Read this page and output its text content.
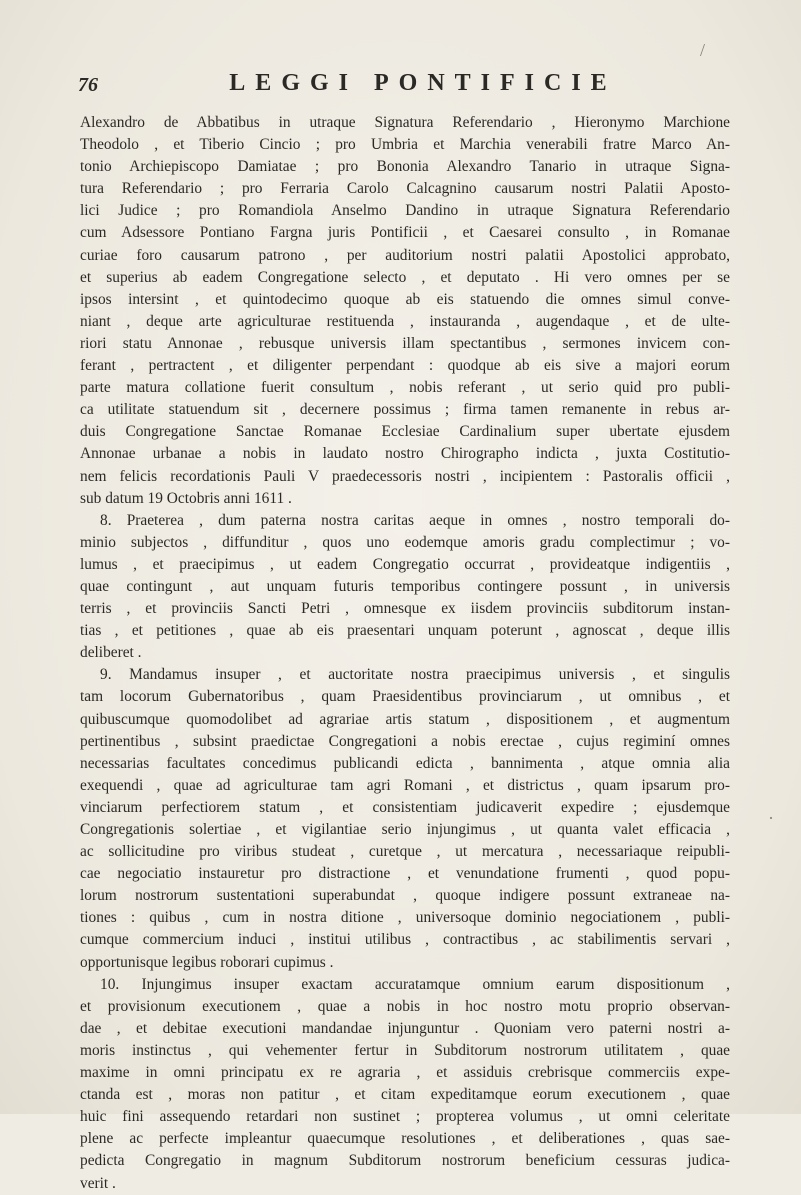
76	LEGGI PONTIFICIE
/
·
Alexandro de Abbatibus in utraque Signatura Referendario , Hieronymo Marchione
Theodolo , et Tiberio Cincio ; pro Umbria et Marchia venerabili fratre Marco An-
tonio Archiepiscopo Damiatae ; pro Bononia Alexandro Tanario in utraque Signa-
tura Referendario ; pro Ferraria Carolo Calcagnino causarum nostri Palatii Aposto-
lici Judice ; pro Romandiola Anselmo Dandino in utraque Signatura Referendario
cum Adsessore Pontiano Fargna juris Pontificii , et Caesarei consulto , in Romanae
curiae foro causarum patrono , per auditorium nostri palatii Apostolici approbato,
et superius ab eadem Congregatione selecto , et deputato . Hi vero omnes per se
ipsos intersint , et quintodecimo quoque ab eis statuendo die omnes simul conve-
niant , deque arte agriculturae restituenda , instauranda , augendaque , et de ulte-
riori statu Annonae , rebusque universis illam spectantibus , sermones invicem con-
ferant , pertractent , et diligenter perpendant : quodque ab eis sive a majori eorum
parte matura collatione fuerit consultum , nobis referant , ut serio quid pro publi-
ca utilitate statuendum sit , decernere possimus ; firma tamen remanente in rebus ar-
duis Congregatione Sanctae Romanae Ecclesiae Cardinalium super ubertate ejusdem
Annonae urbanae a nobis in laudato nostro Chirographo indicta , juxta Costitutio-
nem felicis recordationis Pauli V praedecessoris nostri , incipientem : Pastoralis officii ,
sub datum 19 Octobris anni 1611 .
8. Praeterea , dum paterna nostra caritas aeque in omnes , nostro temporali do-
minio subjectos , diffunditur , quos uno eodemque amoris gradu complectimur ; vo-
lumus , et praecipimus , ut eadem Congregatio occurrat , provideatque indigentiis ,
quae contingunt , aut unquam futuris temporibus contingere possunt , in universis
terris , et provinciis Sancti Petri , omnesque ex iisdem provinciis subditorum instan-
tias , et petitiones , quae ab eis praesentari unquam poterunt , agnoscat , deque illis
deliberet .
9. Mandamus insuper , et auctoritate nostra praecipimus universis , et singulis
tam locorum Gubernatoribus , quam Praesidentibus provinciarum , ut omnibus , et
quibuscumque quomodolibet ad agrariae artis statum , dispositionem , et augmentum
pertinentibus , subsint praedictae Congregationi a nobis erectae , cujus regiminí omnes
necessarias facultates concedimus publicandi edicta , bannimenta , atque omnia alia
exequendi , quae ad agriculturae tam agri Romani , et districtus , quam ipsarum pro-
vinciarum perfectiorem statum , et consistentiam judicaverit expedire ; ejusdemque
Congregationis solertiae , et vigilantiae serio injungimus , ut quanta valet efficacia ,
ac sollicitudine pro viribus studeat , curetque , ut mercatura , necessariaque reipubli-
cae negociatio instauretur pro distractione , et venundatione frumenti , quod popu-
lorum nostrorum sustentationi superabundat , quoque indigere possunt extraneae na-
tiones : quibus , cum in nostra ditione , universoque dominio negociationem , publi-
cumque commercium induci , institui utilibus , contractibus , ac stabilimentis servari ,
opportunisque legibus roborari cupimus .
10. Injungimus insuper exactam accuratamque omnium earum dispositionum ,
et provisionum executionem , quae a nobis in hoc nostro motu proprio observan-
dae , et debitae executioni mandandae injunguntur . Quoniam vero paterni nostri a-
moris instinctus , qui vehementer fertur in Subditorum nostrorum utilitatem , quae
maxime in omni principatu ex re agraria , et assiduis crebrisque commerciis expe-
ctanda est , moras non patitur , et citam expeditamque eorum executionem , quae
huic fini assequendo retardari non sustinet ; propterea volumus , ut omni celeritate
plene ac perfecte impleantur quaecumque resolutiones , et deliberationes , quas sae-
pedicta Congregatio in magnum Subditorum nostrorum beneficium cessuras judica-
verit .
